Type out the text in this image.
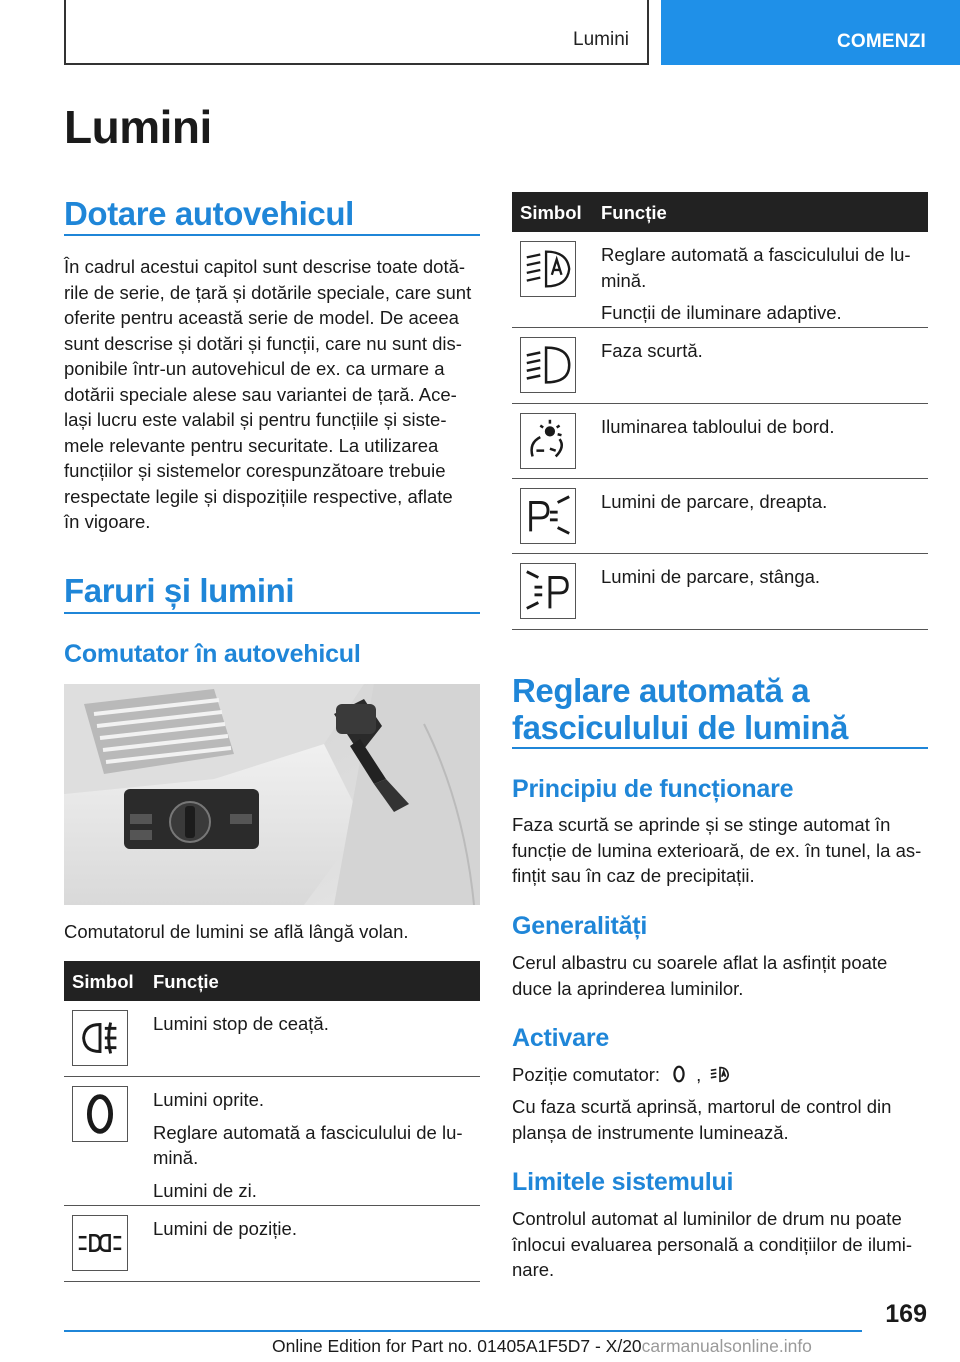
Lumini	COMENZI
Lumini
Dotare autovehicul
În cadrul acestui capitol sunt descrise toate dotă-
rile de serie, de țară și dotările speciale, care sunt
oferite pentru această serie de model. De aceea
sunt descrise și dotări și funcții, care nu sunt dis-
ponibile într-un autovehicul de ex. ca urmare a
dotării speciale alese sau variantei de țară. Ace-
lași lucru este valabil și pentru funcțiile și siste-
mele relevante pentru securitate. La utilizarea
funcțiilor și sistemelor corespunzătoare trebuie
respectate legile și dispozițiile respective, aflate
în vigoare.
Faruri și lumini
Comutator în autovehicul
Comutatorul de lumini se află lângă volan.
Simbol Funcție

Lumini stop de ceață.

Lumini oprite.

Reglare automată a fasciculului de lu-
mină.

Lumini de zi.

Lumini de poziție.

Simbol Funcție

Reglare automată a fasciculului de lu-
mină.

Funcții de iluminare adaptive.

Faza scurtă.

Iluminarea tabloului de bord.

Lumini de parcare, dreapta.

Lumini de parcare, stânga.

Reglare automată a
fasciculului de lumină
Principiu de funcționare
Faza scurtă se aprinde și se stinge automat în
funcție de lumina exterioară, de ex. în tunel, la as-
fințit sau în caz de precipitații.
Generalități
Cerul albastru cu soarele aflat la asfințit poate
duce la aprinderea luminilor.
Activare
Poziție comutator: ,
Cu faza scurtă aprinsă, martorul de control din
planșa de instrumente luminează.
Limitele sistemului
Controlul automat al luminilor de drum nu poate
înlocui evaluarea personală a condițiilor de ilumi-
nare.
169
Online Edition for Part no. 01405A1F5D7 - X/20carmanualsonline.info
